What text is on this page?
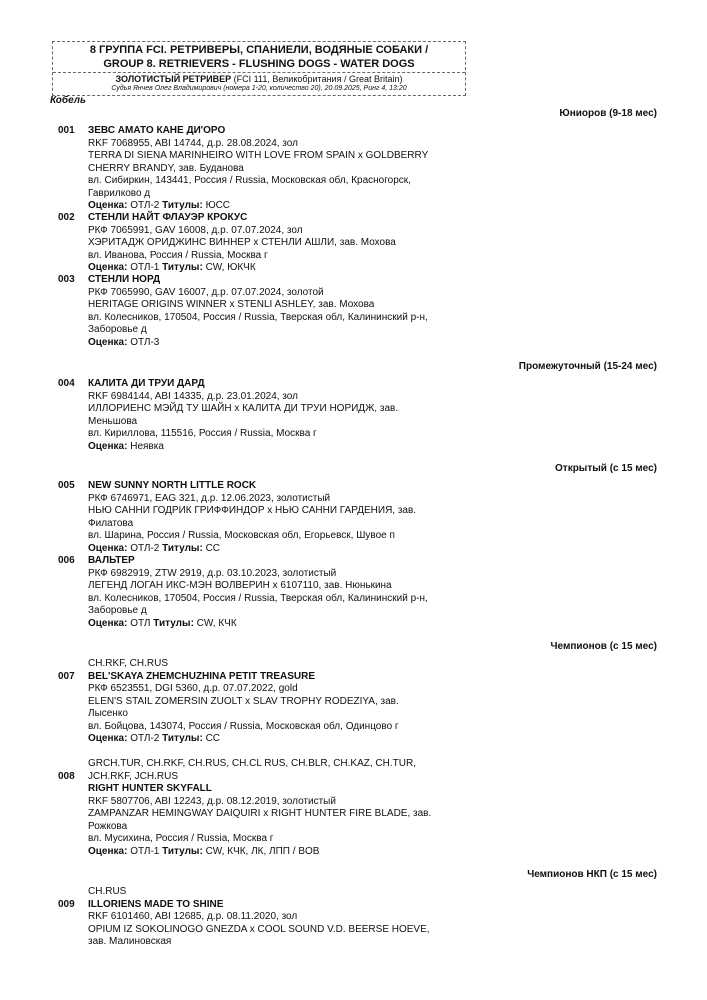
8 ГРУППА FCI. РЕТРИВЕРЫ, СПАНИЕЛИ, ВОДЯНЫЕ СОБАКИ /
GROUP 8. RETRIEVERS - FLUSHING DOGS - WATER DOGS
ЗОЛОТИСТЫЙ РЕТРИВЕР (FCI 111, Великобритания / Great Britain)
Судья Янчев Олег Владимирович (номера 1-20, количество 20), 20.09.2025, Ринг 4, 13:20
Кобель
Юниоров (9-18 мес)
Промежуточный (15-24 мес)
Открытый (с 15 мес)
Чемпионов (с 15 мес)
Чемпионов НКП (с 15 мес)
001 ЗЕВС АМАТО КАНЕ ДИ'ОРО
RKF 7068955, ABI 14744, д.р. 28.08.2024, зол
TERRA DI SIENA MARINHEIRO WITH LOVE FROM SPAIN x GOLDBERRY
CHERRY BRANDY, зав. Буданова
вл. Сибиркин, 143441, Россия / Russia, Московская обл, Красногорск,
Гаврилково д
Оценка: ОТЛ-2 Титулы: ЮСС
002 СТЕНЛИ НАЙТ ФЛАУЭР КРОКУС
РКФ 7065991, GAV 16008, д.р. 07.07.2024, зол
ХЭРИТАДЖ ОРИДЖИНС ВИННЕР x СТЕНЛИ АШЛИ, зав. Мохова
вл. Иванова, Россия / Russia, Москва г
Оценка: ОТЛ-1 Титулы: CW, ЮКЧК
003 СТЕНЛИ НОРД
РКФ 7065990, GAV 16007, д.р. 07.07.2024, золотой
HERITAGE ORIGINS WINNER x STENLI ASHLEY, зав. Мохова
вл. Колесников, 170504, Россия / Russia, Тверская обл, Калининский р-н,
Заборовье д
Оценка: ОТЛ-3
004 КАЛИТА ДИ ТРУИ ДАРД
RKF 6984144, ABI 14335, д.р. 23.01.2024, зол
ИЛЛОРИЕНС МЭЙД ТУ ШАЙН x КАЛИТА ДИ ТРУИ НОРИДЖ, зав.
Меньшова
вл. Кириллова, 115516, Россия / Russia, Москва г
Оценка: Неявка
005 NEW SUNNY NORTH LITTLE ROCK
РКФ 6746971, EAG 321, д.р. 12.06.2023, золотистый
НЬЮ САННИ ГОДРИК ГРИФФИНДОР x НЬЮ САННИ ГАРДЕНИЯ, зав.
Филатова
вл. Шарина, Россия / Russia, Московская обл, Егорьевск, Шувое п
Оценка: ОТЛ-2 Титулы: CC
006 ВАЛЬТЕР
РКФ 6982919, ZTW 2919, д.р. 03.10.2023, золотистый
ЛЕГЕНД ЛОГАН ИКС-МЭН ВОЛВЕРИН x 6107110, зав. Нюнькина
вл. Колесников, 170504, Россия / Russia, Тверская обл, Калининский р-н,
Заборовье д
Оценка: ОТЛ Титулы: CW, КЧК
CH.RKF, CH.RUS
007 BEL'SKAYA ZHEMCHUZHINA PETIT TREASURE
РКФ 6523551, DGI 5360, д.р. 07.07.2022, gold
ELEN'S STAIL ZOMERSIN ZUOLT x SLAV TROPHY RODEZIYA, зав.
Лысенко
вл. Бойцова, 143074, Россия / Russia, Московская обл, Одинцово г
Оценка: ОТЛ-2 Титулы: CC
GRCH.TUR, CH.RKF, CH.RUS, CH.CL RUS, CH.BLR, CH.KAZ, CH.TUR,
008 JCH.RKF, JCH.RUS
RIGHT HUNTER SKYFALL
RKF 5807706, ABI 12243, д.р. 08.12.2019, золотистый
ZAMPANZAR HEMINGWAY DAIQUIRI x RIGHT HUNTER FIRE BLADE, зав.
Рожкова
вл. Мусихина, Россия / Russia, Москва г
Оценка: ОТЛ-1 Титулы: CW, КЧК, ЛК, ЛПП / BOB
CH.RUS
009 ILLORIENS MADE TO SHINE
RKF 6101460, ABI 12685, д.р. 08.11.2020, зол
OPIUM IZ SOKOLINOGO GNEZDA x COOL SOUND V.D. BEERSE HOEVE,
зав. Малиновская
